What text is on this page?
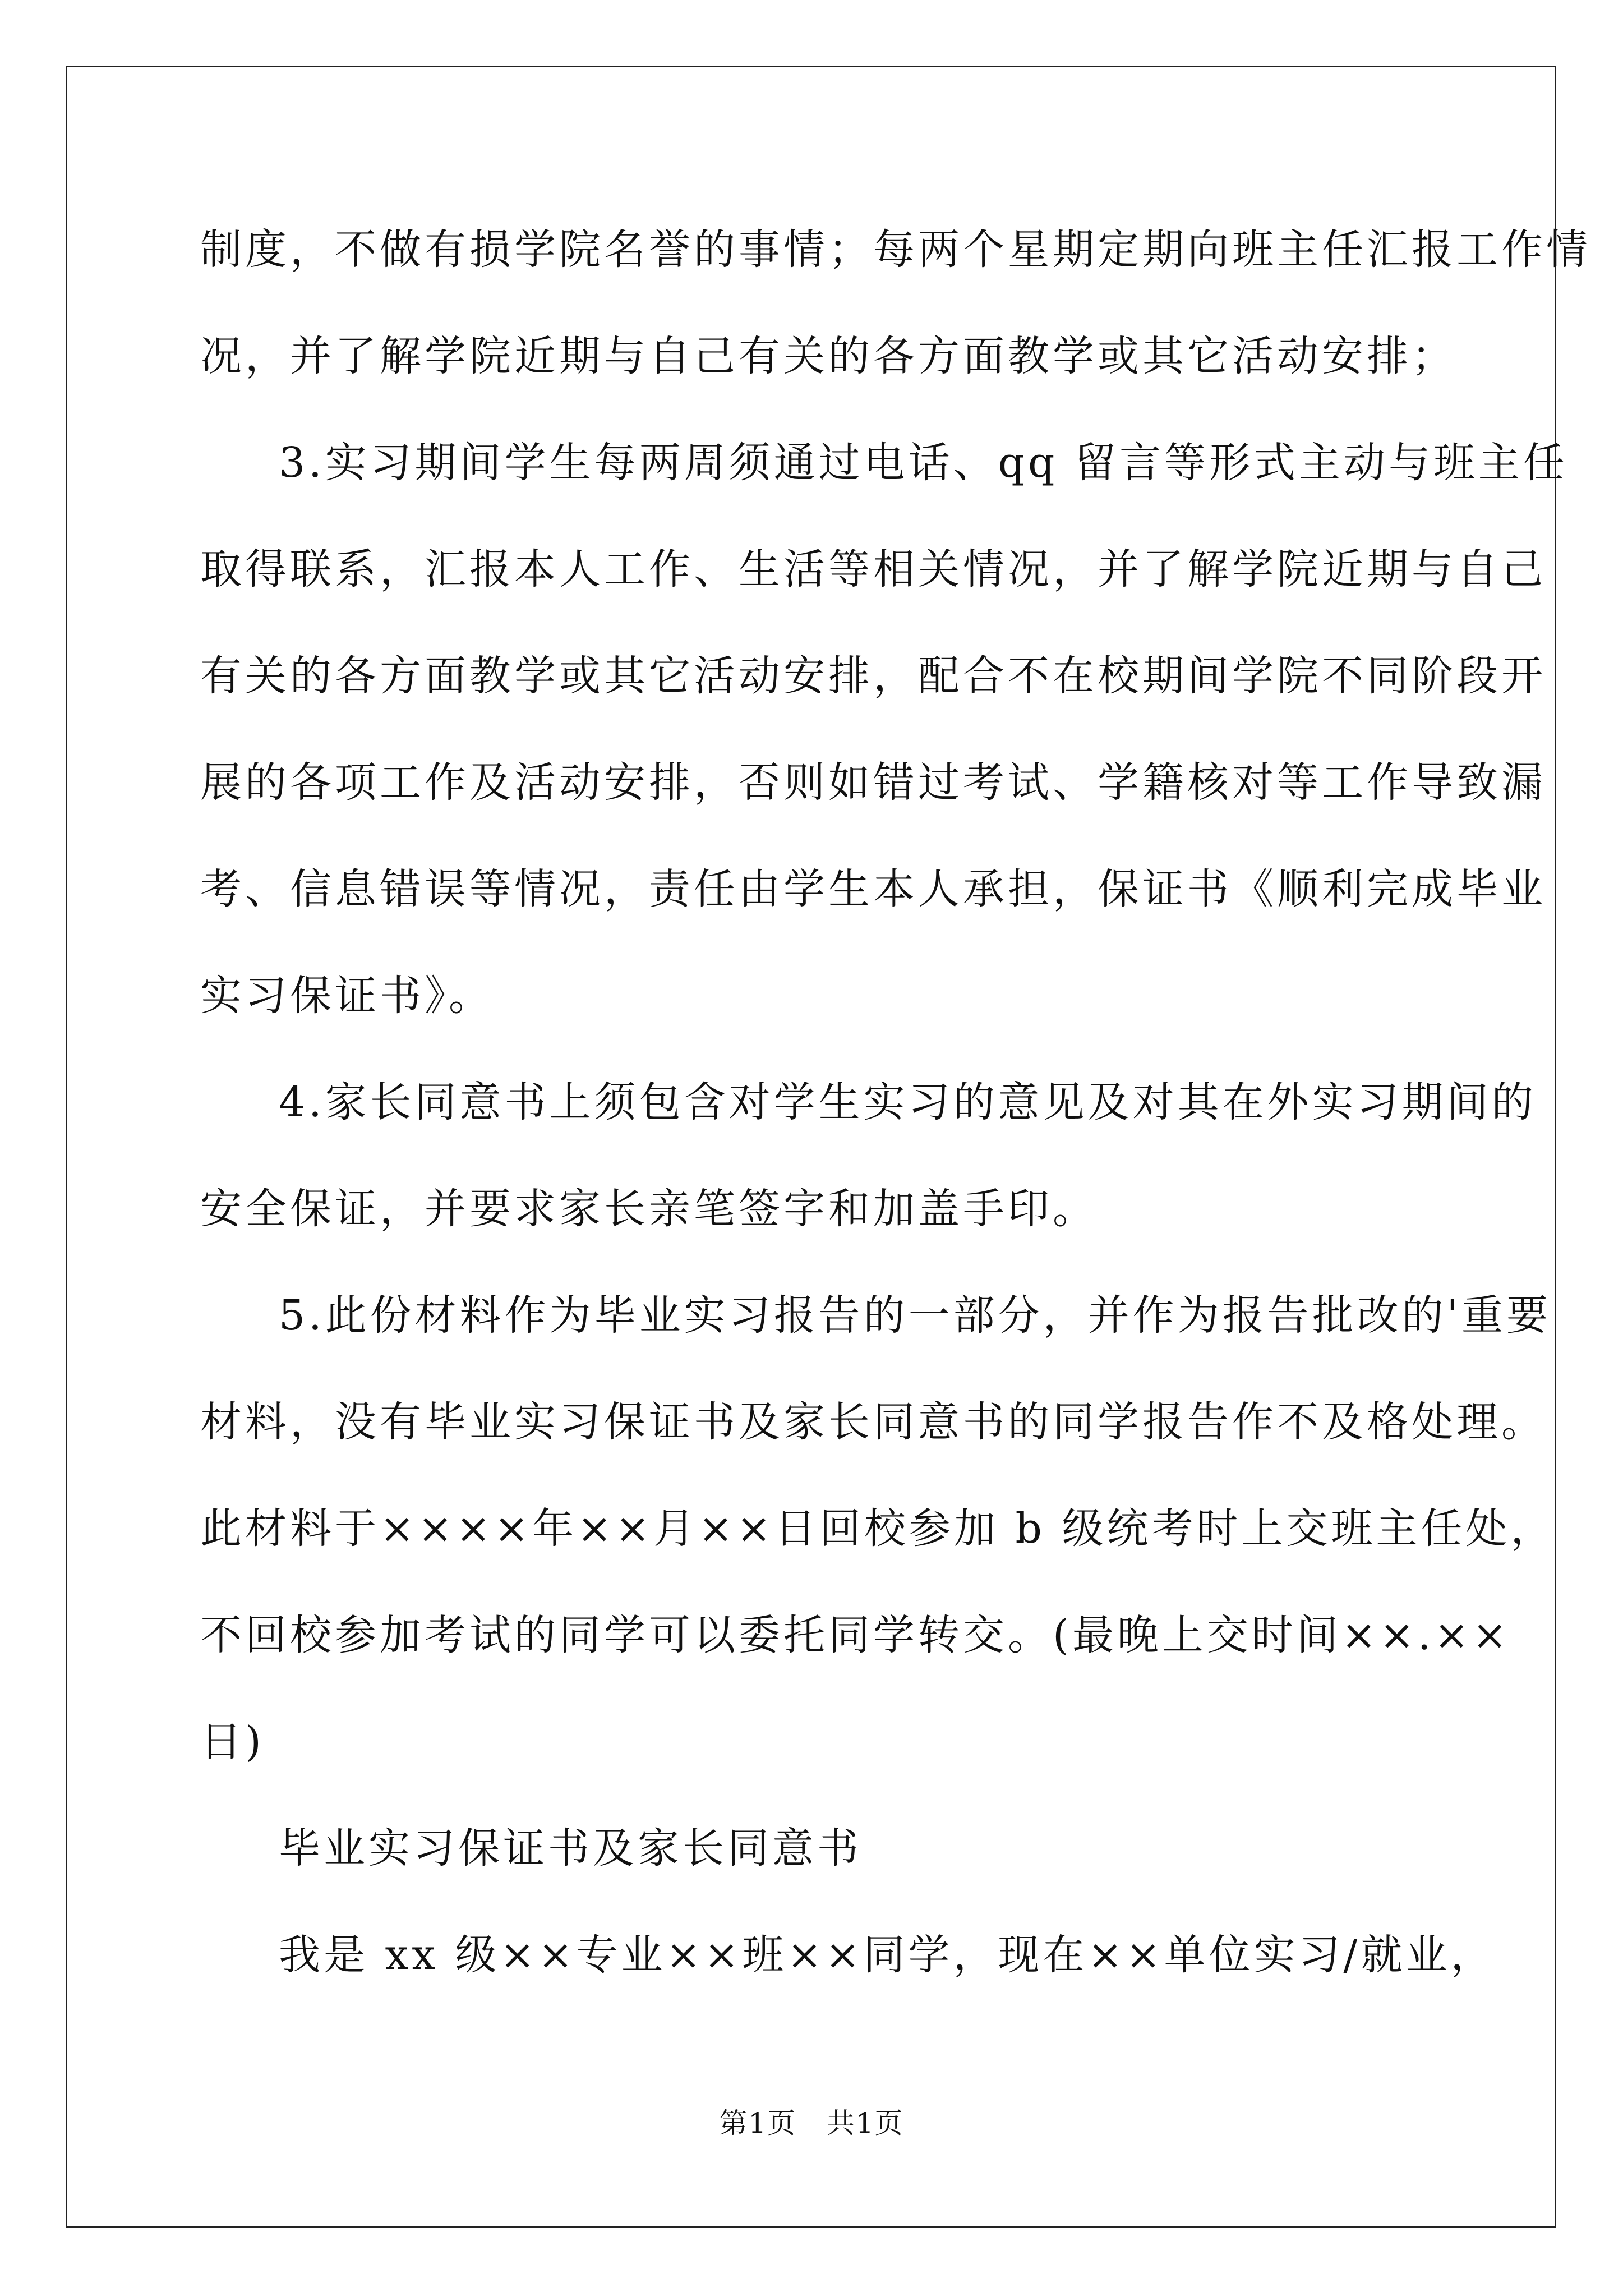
制度，不做有损学院名誉的事情；每两个星期定期向班主任汇报工作情
况，并了解学院近期与自己有关的各方面教学或其它活动安排；
3.实习期间学生每两周须通过电话、qq 留言等形式主动与班主任
取得联系，汇报本人工作、生活等相关情况，并了解学院近期与自己
有关的各方面教学或其它活动安排，配合不在校期间学院不同阶段开
展的各项工作及活动安排，否则如错过考试、学籍核对等工作导致漏
考、信息错误等情况，责任由学生本人承担，保证书《顺利完成毕业
实习保证书》。
4.家长同意书上须包含对学生实习的意见及对其在外实习期间的
安全保证，并要求家长亲笔签字和加盖手印。
5.此份材料作为毕业实习报告的一部分，并作为报告批改的'重要
材料，没有毕业实习保证书及家长同意书的同学报告作不及格处理。
此材料于××××年××月××日回校参加 b 级统考时上交班主任处，
不回校参加考试的同学可以委托同学转交。(最晚上交时间××.××
日)
毕业实习保证书及家长同意书
我是 xx 级××专业××班××同学，现在××单位实习/就业，
第1页   共1页
